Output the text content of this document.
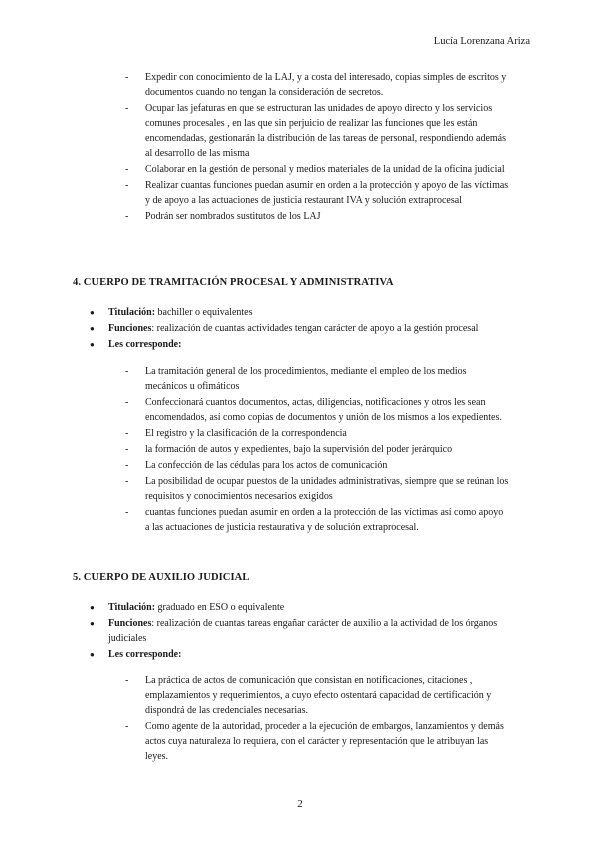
Lucía Lorenzana Ariza
- Expedir con conocimiento de la LAJ, y a costa del interesado, copias simples de escritos y documentos cuando no tengan la consideración de secretos.
- Ocupar las jefaturas en que se estructuran las unidades de apoyo directo y los servicios comunes procesales , en las que sin perjuicio de realizar las funciones que les están encomendadas, gestionarán la distribución de las tareas de personal, respondiendo además al desarrollo de las misma
- Colaborar en la gestión de personal y medios materiales de la unidad de la oficina judicial
- Realizar cuantas funciones puedan asumir en orden a la protección y apoyo de las víctimas y de apoyo a las actuaciones de justicia restaurant IVA y solución extraprocesal
- Podrán ser nombrados sustitutos de los LAJ
4. CUERPO DE TRAMITACIÓN PROCESAL Y ADMINISTRATIVA
● Titulación: bachiller o equivalentes
● Funciones: realización de cuantas actividades tengan carácter de apoyo a la gestión procesal
● Les corresponde:
- La tramitación general de los procedimientos, mediante el empleo de los medios mecánicos u ofimáticos
- Confeccionará cuantos documentos, actas, diligencias, notificaciones y otros les sean encomendados, así como copias de documentos y unión de los mismos a los expedientes.
- El registro y la clasificación de la correspondencia
- la formación de autos y expedientes, bajo la supervisión del poder jerárquico
- La confección de las cédulas para los actos de comunicación
- La posibilidad de ocupar puestos de la unidades administrativas, siempre que se reúnan los requisitos y conocimientos necesarios exigidos
- cuantas funciones puedan asumir en orden a la protección de las víctimas así como apoyo a las actuaciones de justicia restaurativa y de solución extraprocesal.
5. CUERPO DE AUXILIO JUDICIAL
● Titulación: graduado en ESO o equivalente
● Funciones: realización de cuantas tareas engañar carácter de auxilio a la actividad de los órganos judiciales
● Les corresponde:
- La práctica de actos de comunicación que consistan en notificaciones, citaciones , emplazamientos y requerimientos, a cuyo efecto ostentará capacidad de certificación y dispondrá de las credenciales necesarias.
- Como agente de la autoridad, proceder a la ejecución de embargos, lanzamientos y demás actos cuya naturaleza lo requiera, con el carácter y representación que le atribuyan las leyes.
2
